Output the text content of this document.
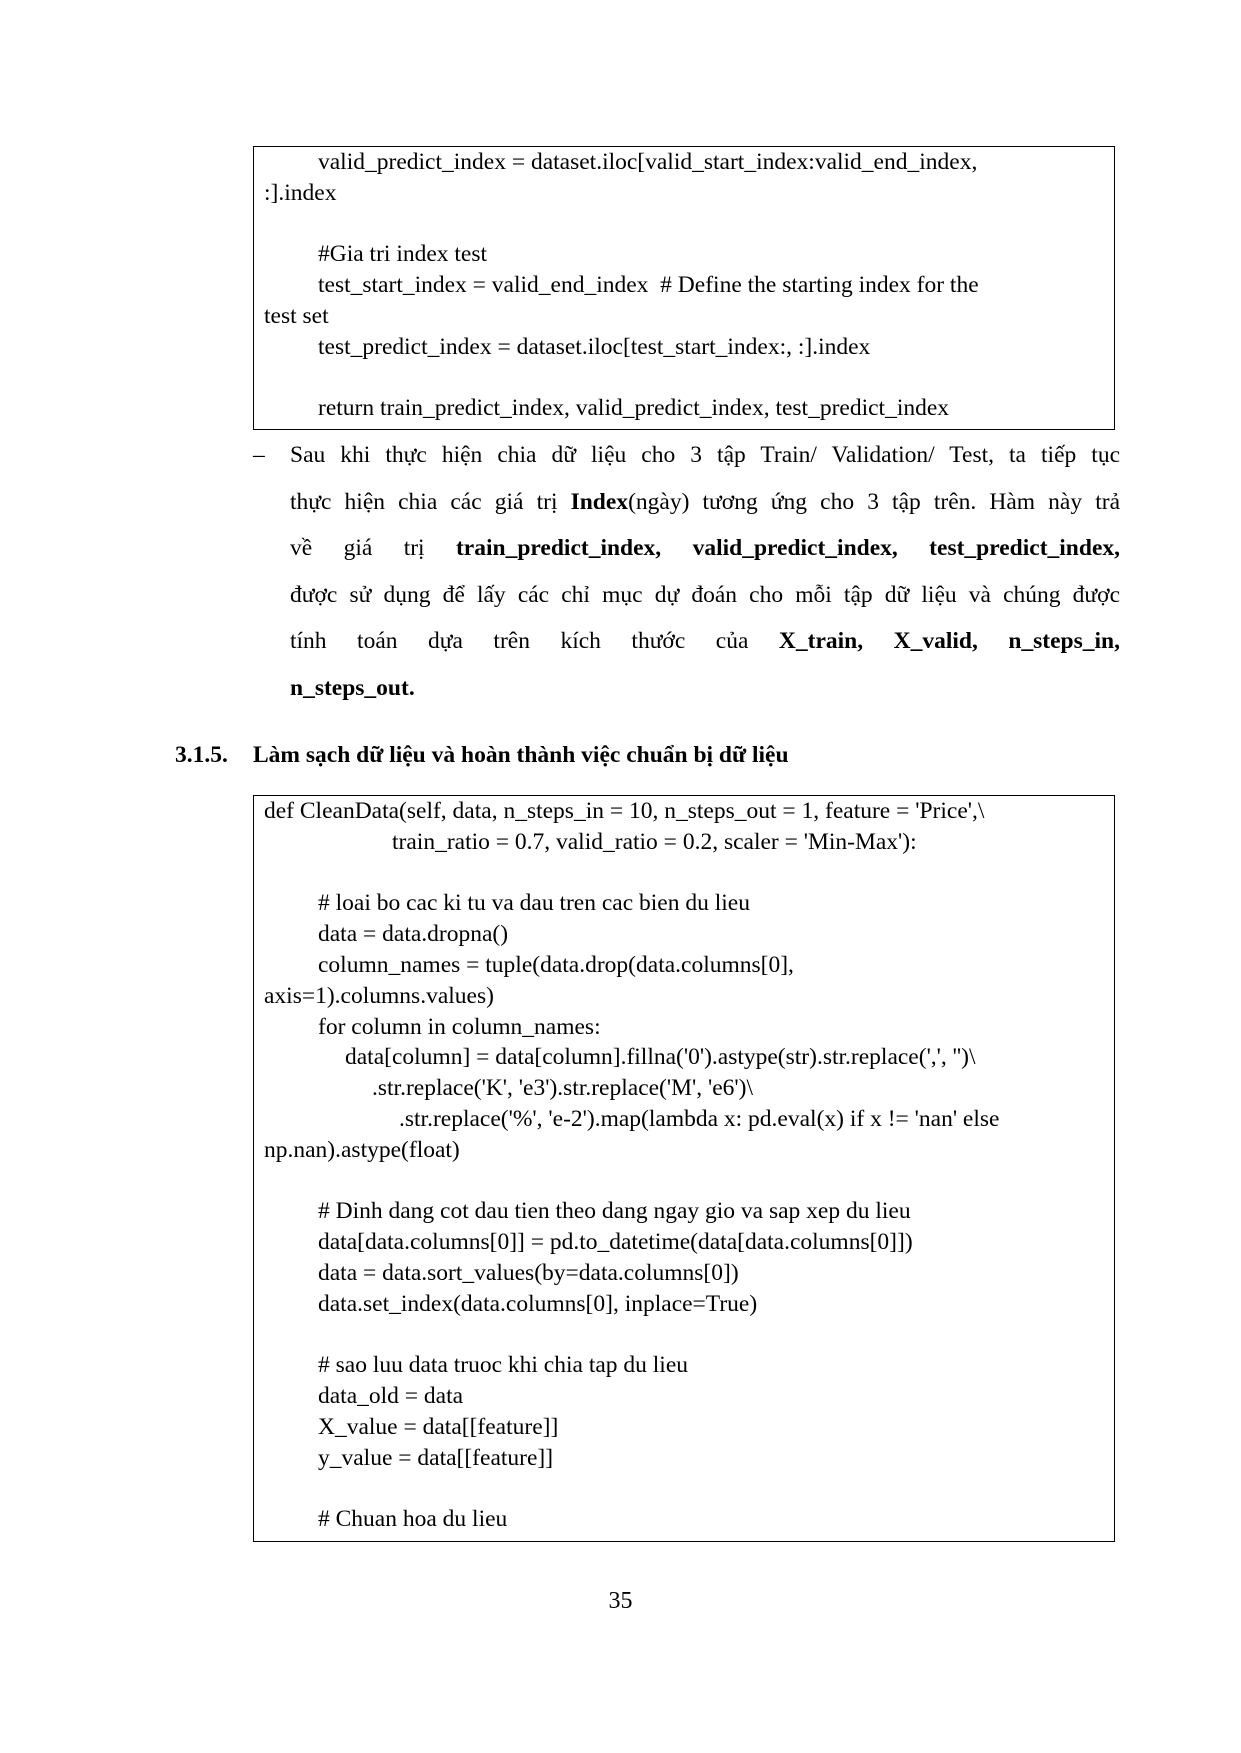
valid_predict_index = dataset.iloc[valid_start_index:valid_end_index,
:].index
#Gia tri index test
test_start_index = valid_end_index  # Define the starting index for the
test set
test_predict_index = dataset.iloc[test_start_index:, :].index
return train_predict_index, valid_predict_index, test_predict_index
– Sau khi thực hiện chia dữ liệu cho 3 tập Train/ Validation/ Test, ta tiếp tục
thực hiện chia các giá trị Index(ngày) tương ứng cho 3 tập trên. Hàm này trả
về giá trị train_predict_index, valid_predict_index, test_predict_index,
được sử dụng để lấy các chỉ mục dự đoán cho mỗi tập dữ liệu và chúng được
tính toán dựa trên kích thước của X_train, X_valid, n_steps_in,
n_steps_out.
3.1.5. Làm sạch dữ liệu và hoàn thành việc chuẩn bị dữ liệu
def CleanData(self, data, n_steps_in = 10, n_steps_out = 1, feature = 'Price',\
train_ratio = 0.7, valid_ratio = 0.2, scaler = 'Min-Max'):
# loai bo cac ki tu va dau tren cac bien du lieu
data = data.dropna()
column_names = tuple(data.drop(data.columns[0],
axis=1).columns.values)
for column in column_names:
data[column] = data[column].fillna('0').astype(str).str.replace(',', '')\
.str.replace('K', 'e3').str.replace('M', 'e6')\
.str.replace('%', 'e-2').map(lambda x: pd.eval(x) if x != 'nan' else
np.nan).astype(float)
# Dinh dang cot dau tien theo dang ngay gio va sap xep du lieu
data[data.columns[0]] = pd.to_datetime(data[data.columns[0]])
data = data.sort_values(by=data.columns[0])
data.set_index(data.columns[0], inplace=True)
# sao luu data truoc khi chia tap du lieu
data_old = data
X_value = data[[feature]]
y_value = data[[feature]]
# Chuan hoa du lieu
35
